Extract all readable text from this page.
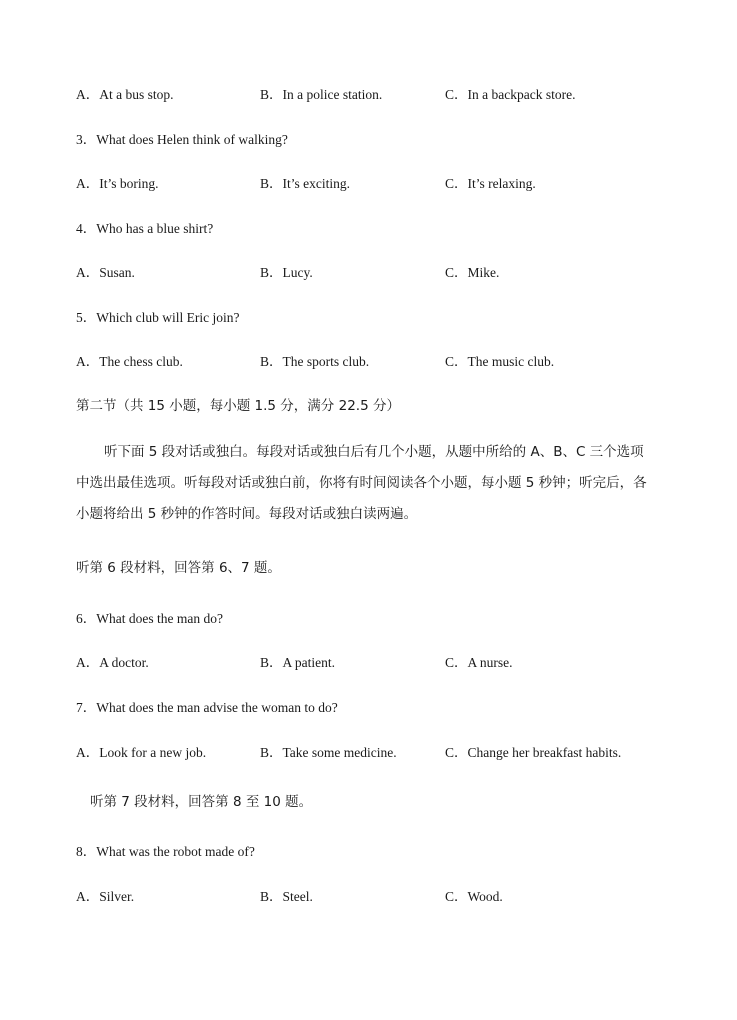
A．At a bus stop.	B．In a police station.	C．In a backpack store.
3．What does Helen think of walking?
A．It’s boring.	B．It’s exciting.	C．It’s relaxing.
4．Who has a blue shirt?
A．Susan.	B．Lucy.	C．Mike.
5．Which club will Eric join?
A．The chess club.	B．The sports club.	C．The music club.
第二节（共 15 小题，每小题 1.5 分，满分 22.5 分）
听下面 5 段对话或独白。每段对话或独白后有几个小题，从题中所给的 A、B、C 三个选项
中选出最佳选项。听每段对话或独白前，你将有时间阅读各个小题，每小题 5 秒钟；听完后，各
小题将给出 5 秒钟的作答时间。每段对话或独白读两遍。
听第 6 段材料，回答第 6、7 题。
6．What does the man do?
A．A doctor.	B．A patient.	C．A nurse.
7．What does the man advise the woman to do?
A．Look for a new job.	B．Take some medicine.	C．Change her breakfast habits.
听第 7 段材料，回答第 8 至 10 题。
8．What was the robot made of?
A．Silver.	B．Steel.	C．Wood.
